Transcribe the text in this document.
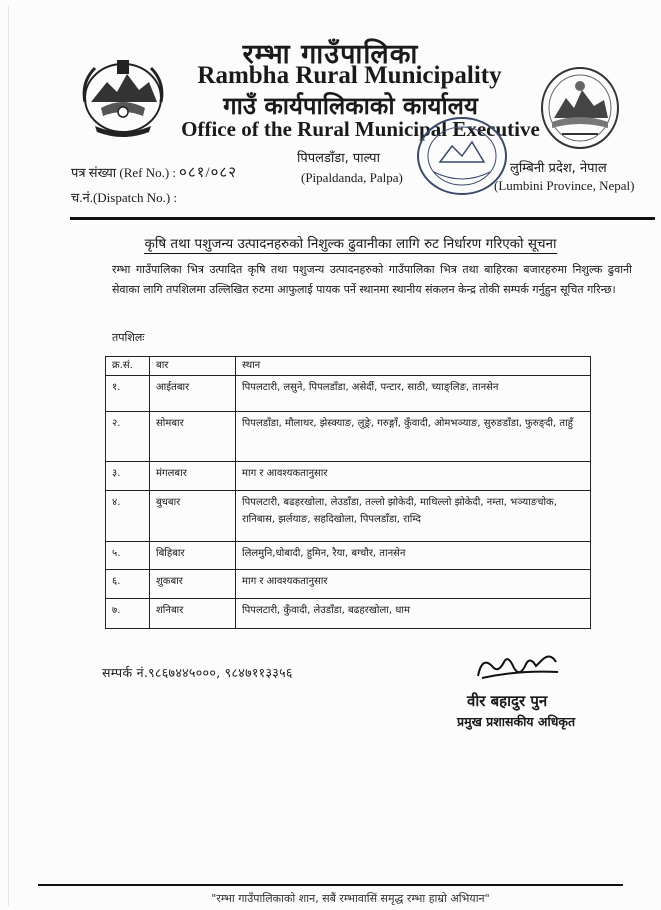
रम्भा गाउँपालिका
Rambha Rural Municipality
गाउँ कार्यपालिकाको कार्यालय
Office of the Rural Municipal Executive
पत्र संख्या (Ref No.) : ०८१/०८२
च.नं.(Dispatch No.) :
पिपलडाँडा, पाल्पा
(Pipaldanda, Palpa)
लुम्बिनी प्रदेश, नेपाल
(Lumbini Province, Nepal)
कृषि तथा पशुजन्य उत्पादनहरुको निशुल्क ढुवानीका लागि रुट निर्धारण गरिएको सूचना
रम्भा गाउँपालिका भित्र उत्पादित कृषि तथा पशुजन्य उत्पादनहरुको गाउँपालिका भित्र तथा बाहिरका बजारहरुमा निशुल्क ढुवानी सेवाका लागि तपशिलमा उल्लिखित रुटमा आफुलाई पायक पर्ने स्थानमा स्थानीय संकलन केन्द्र तोकी सम्पर्क गर्नुहुन सूचित गरिन्छ।
तपशिलः
क्र.सं.	बार	स्थान
१.	आईतबार	पिपलटारी, लसुने, पिपलडाँडा, असेर्दी, पन्टार, साठी, च्याङ्लिङ, तानसेन
२.	सोमबार	पिपलडाँडा, मौलाथर, झेस्क्याङ, लुङ्रे, गरुङ्गाँ, कुँवादी, ओमभञ्याङ, सुरुङडाँडा, फुरुङ्दी, ताहुँ
३.	मंगलबार	माग र आवश्यकतानुसार
४.	बुधबार	पिपलटारी, बढहरखोला, लेउडाँडा, तल्लो झोकेदी, माथिल्लो झोकेदी, नम्ता, भञ्याङचोक, रानिबास, झर्लयाङ, सहदिखोला, पिपलडाँडा, राम्दि
५.	बिहिबार	लिलमुनि,धोबादी, हुमिन, रैया, बग्चौर, तानसेन
६.	शुकबार	माग र आवश्यकतानुसार
७.	शनिबार	पिपलटारी, कुँवादी, लेउडाँडा, बढहरखोला, धाम
सम्पर्क नं.९८६७४४५०००, ९८४७११३३५६
वीर बहादुर पुन
प्रमुख प्रशासकीय अधिकृत
"रम्भा गाउँपालिकाको शान, सबैं रम्भावासिं समृद्ध रम्भा हाम्रो अभियान"
